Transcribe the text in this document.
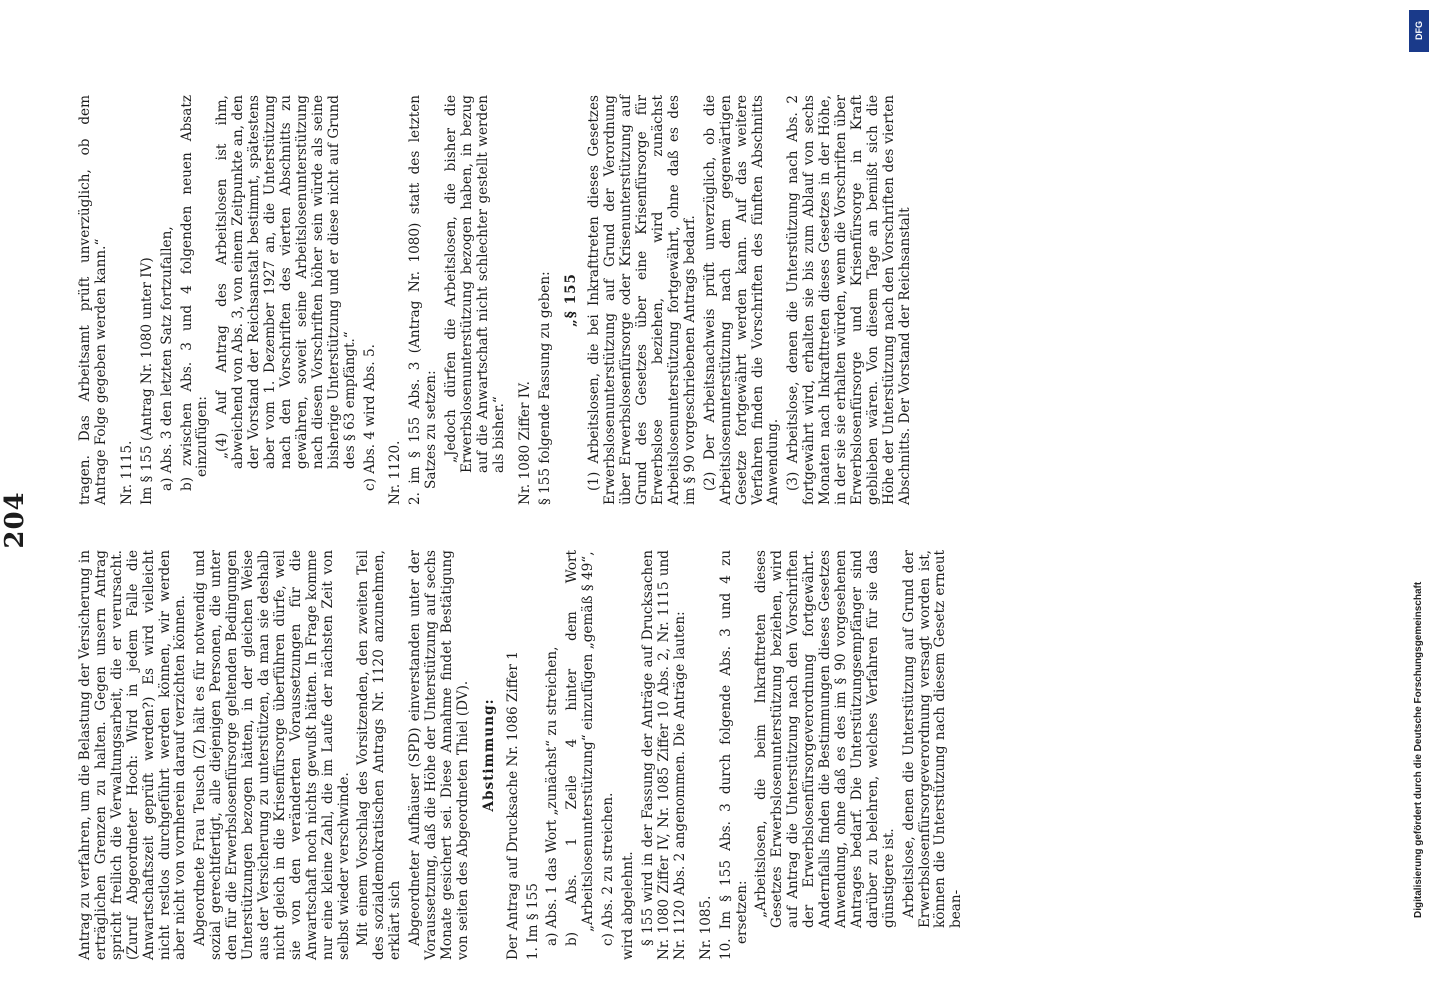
204

Antrag zu verfahren, um die Belastung der Versicherung in erträglichen Grenzen zu halten. Gegen unsern Antrag spricht freilich die Verwaltungsarbeit, die er verursacht. (Zuruf Abgeordneter Hoch: Wird in jedem Falle die Anwartschaftszeit geprüft werden?) Es wird vielleicht nicht restlos durchgeführt werden können, wir werden aber nicht von vornherein darauf verzichten können. Abgeordnete Frau Teusch (Z) hält es für notwendig und sozial gerechtfertigt, alle diejenigen Personen, die unter den für die Erwerbslosenfürsorge geltenden Bedingungen Unterstützungen bezogen hätten, in der gleichen Weise aus der Versicherung zu unterstützen, da man sie deshalb nicht gleich in die Krisenfürsorge überführen dürfe, weil sie von den veränderten Voraussetzungen für die Anwartschaft noch nichts gewußt hätten. In Frage komme nur eine kleine Zahl, die im Laufe der nächsten Zeit von selbst wieder verschwinde. Mit einem Vorschlag des Vorsitzenden, den zweiten Teil des sozialdemokratischen Antrags Nr. 1120 anzunehmen, erklärt sich Abgeordneter Aufhäuser (SPD) einverstanden unter der Voraussetzung, daß die Höhe der Unterstützung auf sechs Monate gesichert sei. Diese Annahme findet Bestätigung von seiten des Abgeordneten Thiel (DV). Abstimmung: Der Antrag auf Drucksache Nr. 1086 Ziffer 1 1. Im § 155 a) Abs. 1 das Wort „zunächst“ zu streichen, b) Abs. 1 Zeile 4 hinter dem Wort „Arbeitslosenunterstützung“ einzufügen „gemäß § 49“, c) Abs. 2 zu streichen. wird abgelehnt. § 155 wird in der Fassung der Anträge auf Drucksachen Nr. 1080 Ziffer IV, Nr. 1085 Ziffer 10 Abs. 2, Nr. 1115 und Nr. 1120 Abs. 2 angenommen. Die Anträge lauten: Nr. 1085. 10. Im § 155 Abs. 3 durch folgende Abs. 3 und 4 zu ersetzen: „Arbeitslosen, die beim Inkrafttreten dieses Gesetzes Erwerbslosenunterstützung beziehen, wird auf Antrag die Unterstützung nach den Vorschriften der Erwerbslosenfürsorgeverordnung fortgewährt. Andernfalls finden die Bestimmungen dieses Gesetzes Anwendung, ohne daß es des im § 90 vorgesehenen Antrages bedarf. Die Unterstützungsempfänger sind darüber zu belehren, welches Verfahren für sie das günstigere ist. Arbeitslose, denen die Unterstützung auf Grund der Erwerbslosenfürsorgeverordnung versagt worden ist, können die Unterstützung nach diesem Gesetz erneut bean-

tragen. Das Arbeitsamt prüft unverzüglich, ob dem Antrage Folge gegeben werden kann.“ Nr. 1115. Im § 155 (Antrag Nr. 1080 unter IV) a) Abs. 3 den letzten Satz fortzufallen, b) zwischen Abs. 3 und 4 folgenden neuen Absatz einzufügen: „(4) Auf Antrag des Arbeitslosen ist ihm, abweichend von Abs. 3, von einem Zeitpunkte an, den der Vorstand der Reichsanstalt bestimmt, spätestens aber vom 1. Dezember 1927 an, die Unterstützung nach den Vorschriften des vierten Abschnitts zu gewähren, soweit seine Arbeitslosenunterstützung nach diesen Vorschriften höher sein würde als seine bisherige Unterstützung und er diese nicht auf Grund des § 63 empfängt.“ c) Abs. 4 wird Abs. 5. Nr. 1120. 2. im § 155 Abs. 3 (Antrag Nr. 1080) statt des letzten Satzes zu setzen: „Jedoch dürfen die Arbeitslosen, die bisher die Erwerbslosenunterstützung bezogen haben, in bezug auf die Anwartschaft nicht schlechter gestellt werden als bisher.“ Nr. 1080 Ziffer IV. § 155 folgende Fassung zu geben: „§ 155 (1) Arbeitslosen, die bei Inkrafttreten dieses Gesetzes Erwerbslosenunterstützung auf Grund der Verordnung über Erwerbslosenfürsorge oder Krisenunterstützung auf Grund des Gesetzes über eine Krisenfürsorge für Erwerbslose beziehen, wird zunächst Arbeitslosenunterstützung fortgewährt, ohne daß es des im § 90 vorgeschriebenen Antrags bedarf. (2) Der Arbeitsnachweis prüft unverzüglich, ob die Arbeitslosenunterstützung nach dem gegenwärtigen Gesetze fortgewährt werden kann. Auf das weitere Verfahren finden die Vorschriften des fünften Abschnitts Anwendung. (3) Arbeitslose, denen die Unterstützung nach Abs. 2 fortgewährt wird, erhalten sie bis zum Ablauf von sechs Monaten nach Inkrafttreten dieses Gesetzes in der Höhe, in der sie sie erhalten würden, wenn die Vorschriften über Erwerbslosenfürsorge und Krisenfürsorge in Kraft geblieben wären. Von diesem Tage an bemißt sich die Höhe der Unterstützung nach den Vorschriften des vierten Abschnitts. Der Vorstand der Reichsanstalt

Digitalisierung gefördert durch die Deutsche Forschungsgemeinschaft
DFG
